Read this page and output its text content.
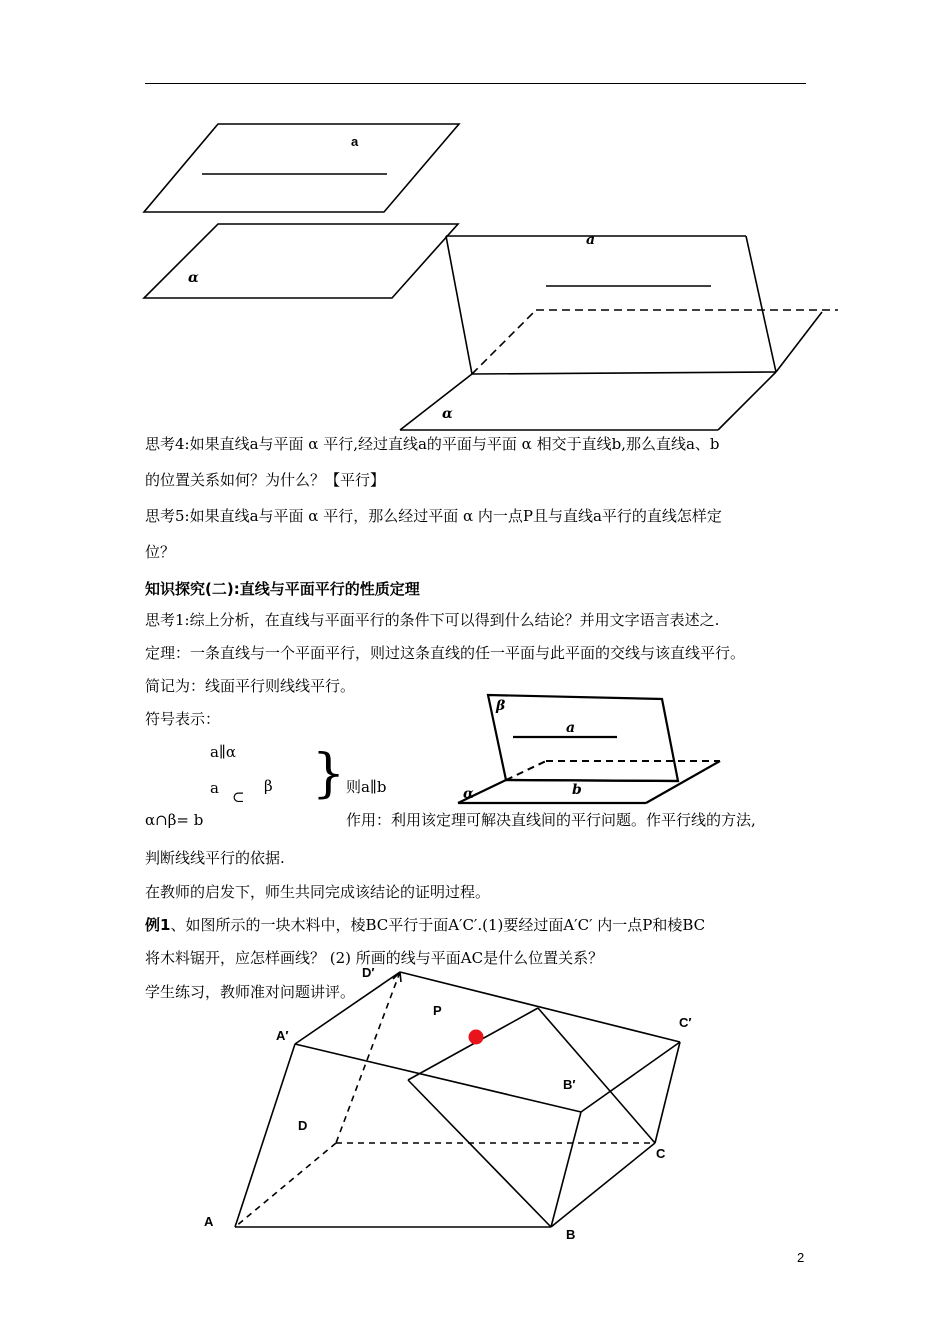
a
α
a
α
思考4:如果直线a与平面 α 平行,经过直线a的平面与平面 α 相交于直线b,那么直线a、b
的位置关系如何？为什么？【平行】
思考5:如果直线a与平面 α 平行，那么经过平面 α 内一点P且与直线a平行的直线怎样定
位？
知识探究(二):直线与平面平行的性质定理
思考1:综上分析，在直线与平面平行的条件下可以得到什么结论？并用文字语言表述之.
定理：一条直线与一个平面平行，则过这条直线的任一平面与此平面的交线与该直线平行。
简记为：线面平行则线线平行。
符号表示：
a∥α
a ⊂
β
α∩β= b
} 则a∥b
β
a
b
α
作用：利用该定理可解决直线间的平行问题。作平行线的方法,
判断线线平行的依据.
在教师的启发下，师生共同完成该结论的证明过程。
例1、如图所示的一块木料中，棱BC平行于面A′C′.(1)要经过面A′C′ 内一点P和棱BC
将木料锯开，应怎样画线？ (2) 所画的线与平面AC是什么位置关系？
学生练习，教师准对问题讲评。
D′
P
A′
C′
B′
D
C
A
B
2
